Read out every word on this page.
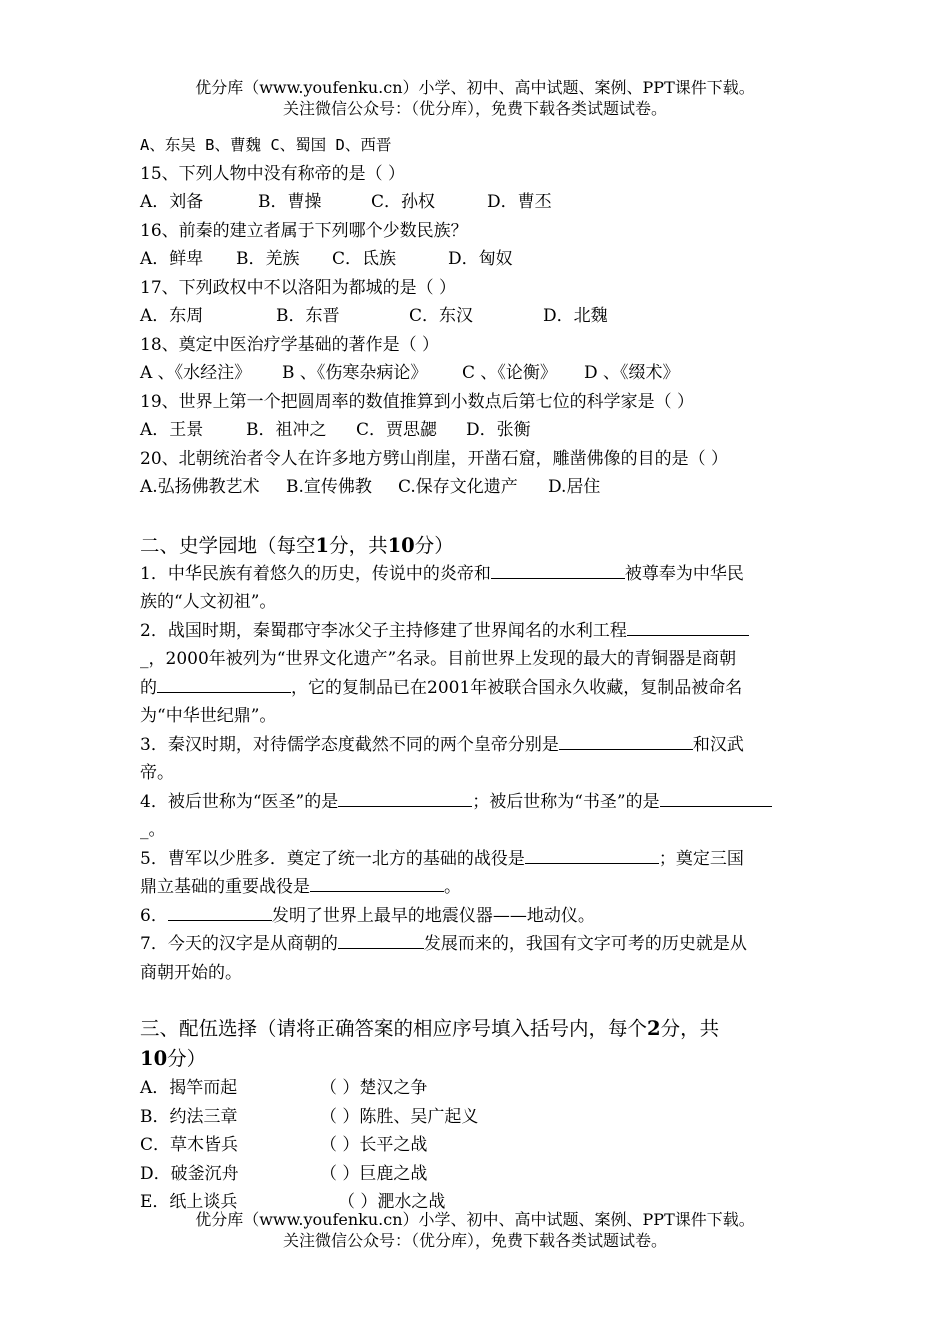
优分库（www.youfenku.cn）小学、初中、高中试题、案例、PPT课件下载。
关注微信公众号：（优分库），免费下载各类试题试卷。
A、东吴 B、曹魏 C、蜀国 D、西晋
15、下列人物中没有称帝的是（ ）
A．刘备	B．曹操	C．孙权	D．曹丕
16、前秦的建立者属于下列哪个少数民族？
A．鲜卑 B．羌族 C．氐族	D．匈奴
17、下列政权中不以洛阳为都城的是（ ）
A．东周	B．东晋	C．东汉	D．北魏
18、奠定中医治疗学基础的著作是（ ）
A 、《水经注》 B 、《伤寒杂病论》 C 、《论衡》 D 、《缀术》
19、世界上第一个把圆周率的数值推算到小数点后第七位的科学家是（ ）
A．王景	B．祖冲之 C．贾思勰 D．张衡
20、北朝统治者令人在许多地方劈山削崖，开凿石窟，雕凿佛像的目的是（ ）
A.弘扬佛教艺术 B.宣传佛教 C.保存文化遗产 D.居住
二、史学园地（每空1分，共10分）
1．中华民族有着悠久的历史，传说中的炎帝和	被尊奉为中华民
族的“人文初祖”。
2．战国时期，秦蜀郡守李冰父子主持修建了世界闻名的水利工程
_，2000年被列为“世界文化遗产”名录。目前世界上发现的最大的青铜器是商朝
的	，它的复制品已在2001年被联合国永久收藏，复制品被命名
为“中华世纪鼎”。
3．秦汉时期，对待儒学态度截然不同的两个皇帝分别是	和汉武
帝。
4．被后世称为“医圣”的是	；被后世称为“书圣”的是
_。
5．曹军以少胜多．奠定了统一北方的基础的战役是	；奠定三国
鼎立基础的重要战役是	。
6．	发明了世界上最早的地震仪器——地动仪。
7．今天的汉字是从商朝的	发展而来的，我国有文字可考的历史就是从
商朝开始的。
三、配伍选择（请将正确答案的相应序号填入括号内，每个2分，共
10分）
A．揭竿而起	（ ）楚汉之争
B．约法三章	（ ）陈胜、吴广起义
C．草木皆兵	（ ）长平之战
D．破釜沉舟	（ ）巨鹿之战
E．纸上谈兵	（ ）淝水之战
优分库（www.youfenku.cn）小学、初中、高中试题、案例、PPT课件下载。
关注微信公众号：（优分库），免费下载各类试题试卷。
